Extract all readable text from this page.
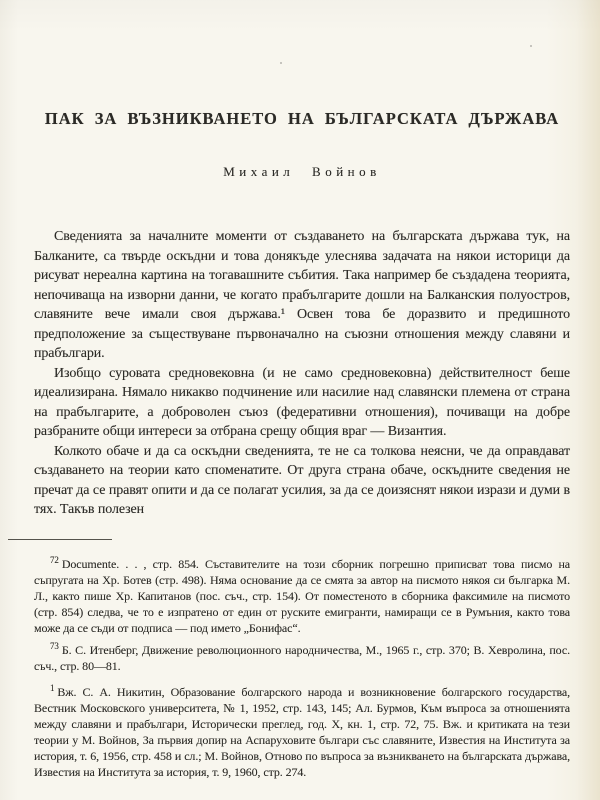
ПАК ЗА ВЪЗНИКВАНЕТО НА БЪЛГАРСКАТА ДЪРЖАВА
Михаил Войнов

Сведенията за началните моменти от създаването на българската държава тук, на Балканите, са твърде оскъдни и това донякъде улеснява задачата на някои историци да рисуват нереална картина на тогавашните събития. Така например бе създадена теорията, непочиваща на изворни данни, че когато прабългарите дошли на Балканския полуостров, славяните вече имали своя държава.¹ Освен това бе доразвито и предишното предположение за съществуване първоначално на съюзни отношения между славяни и прабългари.

Изобщо суровата средновековна (и не само средновековна) действителност беше идеализирана. Нямало никакво подчинение или насилие над славянски племена от страна на прабългарите, а доброволен съюз (федеративни отношения), почиващи на добре разбраните общи интереси за отбрана срещу общия враг — Византия.

Колкото обаче и да са оскъдни сведенията, те не са толкова неясни, че да оправдават създаването на теории като споменатите. От друга страна обаче, оскъдните сведения не пречат да се правят опити и да се полагат усилия, за да се доизяснят някои изрази и думи в тях. Такъв полезен

$^{72}$ Documente. . . , стр. 854. Съставителите на този сборник погрешно приписват това писмо на съпругата на Хр. Ботев (стр. 498). Няма основание да се смята за автор на писмото някоя си българка М. Л., както пише Хр. Капитанов (пос. съч., стр. 154). От поместеното в сборника факсимиле на писмото (стр. 854) следва, че то е изпратено от един от руските емигранти, намиращи се в Румъния, както това може да се съди от подписа — под името „Бонифас“.

$^{73}$ Б. С. Итенберг, Движение революционного народничества, М., 1965 г., стр. 370; В. Хевролина, пос. съч., стр. 80—81.

$^1$ Вж. С. А. Никитин, Образование болгарского народа и возникновение болгарского государства, Вестник Московского университета, № 1, 1952, стр. 143, 145; Ал. Бурмов, Към въпроса за отношенията между славяни и прабългари, Исторически преглед, год. X, кн. 1, стр. 72, 75. Вж. и критиката на тези теории у М. Войнов, За първия допир на Аспаруховите българи със славяните, Известия на Института за история, т. 6, 1956, стр. 458 и сл.; М. Войнов, Отново по въпроса за възникването на българската държава, Известия на Института за история, т. 9, 1960, стр. 274.
